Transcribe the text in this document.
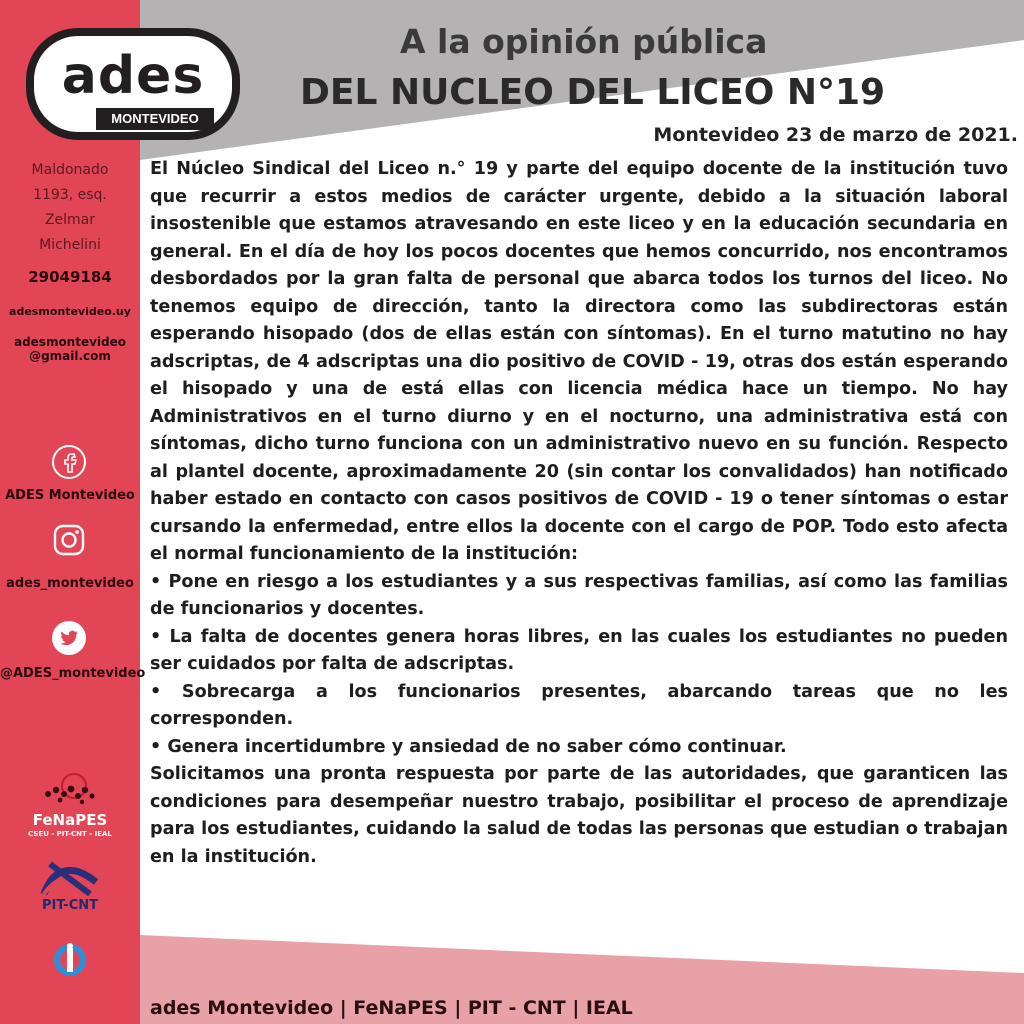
ades
MONTEVIDEO
A la opinión pública
DEL NUCLEO DEL LICEO N°19
Montevideo 23 de marzo de 2021.
Maldonado
1193, esq.
Zelmar
Michelini
29049184
adesmontevideo.uy
adesmontevideo
@gmail.com
ADES Montevideo
ades_montevideo
@ADES_montevideo
FeNaPES
CSEU - PIT-CNT - IEAL
PIT-CNT

El Núcleo Sindical del Liceo n.° 19 y parte del equipo docente de la institución tuvo que recurrir a estos medios de carácter urgente, debido a la situación laboral insostenible que estamos atravesando en este liceo y en la educación secundaria en general. En el día de hoy los pocos docentes que hemos concurrido, nos encontramos desbordados por la gran falta de personal que abarca todos los turnos del liceo. No tenemos equipo de dirección, tanto la directora como las subdirectoras están esperando hisopado (dos de ellas están con síntomas). En el turno matutino no hay adscriptas, de 4 adscriptas una dio positivo de COVID - 19, otras dos están esperando el hisopado y una de está ellas con licencia médica hace un tiempo. No hay Administrativos en el turno diurno y en el nocturno, una administrativa está con síntomas, dicho turno funciona con un administrativo nuevo en su función. Respecto al plantel docente, aproximadamente 20 (sin contar los convalidados) han notificado haber estado en contacto con casos positivos de COVID - 19 o tener síntomas o estar cursando la enfermedad, entre ellos la docente con el cargo de POP. Todo esto afecta el normal funcionamiento de la institución:

• Pone en riesgo a los estudiantes y a sus respectivas familias, así como las familias de funcionarios y docentes.

• La falta de docentes genera horas libres, en las cuales los estudiantes no pueden ser cuidados por falta de adscriptas.

• Sobrecarga a los funcionarios presentes, abarcando tareas que no les corresponden.

• Genera incertidumbre y ansiedad de no saber cómo continuar.

Solicitamos una pronta respuesta por parte de las autoridades, que garanticen las condiciones para desempeñar nuestro trabajo, posibilitar el proceso de aprendizaje para los estudiantes, cuidando la salud de todas las personas que estudian o trabajan en la institución.

ades Montevideo | FeNaPES | PIT - CNT | IEAL
